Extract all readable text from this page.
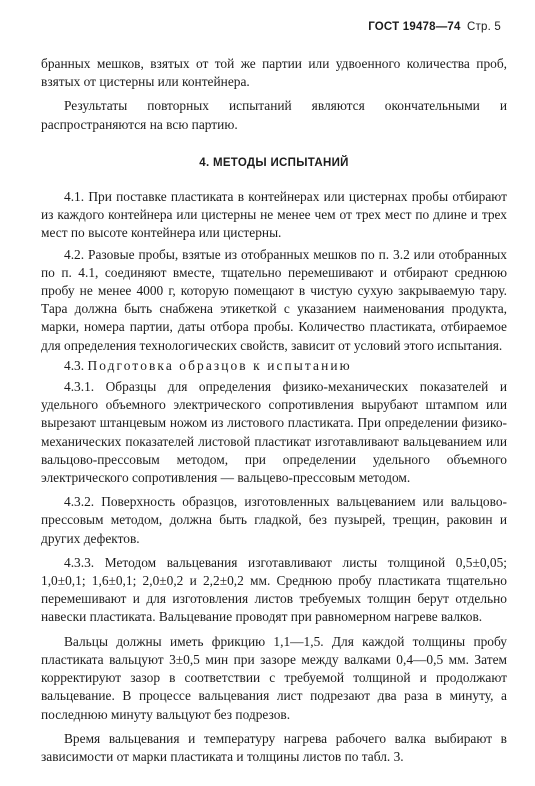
ГОСТ 19478—74 Стр. 5

бранных мешков, взятых от той же партии или удвоенного количества проб, взятых от цистерны или контейнера.

Результаты повторных испытаний являются окончательными и распространяются на всю партию.

4. МЕТОДЫ ИСПЫТАНИЙ

4.1. При поставке пластиката в контейнерах или цистернах пробы отбирают из каждого контейнера или цистерны не менее чем от трех мест по длине и трех мест по высоте контейнера или цистерны.

4.2. Разовые пробы, взятые из отобранных мешков по п. 3.2 или отобранных по п. 4.1, соединяют вместе, тщательно перемешивают и отбирают среднюю пробу не менее 4000 г, которую помещают в чистую сухую закрываемую тару. Тара должна быть снабжена этикеткой с указанием наименования продукта, марки, номера партии, даты отбора пробы. Количество пластиката, отбираемое для определения технологических свойств, зависит от условий этого испытания.

4.3. Подготовка образцов к испытанию

4.3.1. Образцы для определения физико-механических показателей и удельного объемного электрического сопротивления вырубают штампом или вырезают штанцевым ножом из листового пластиката. При определении физико-механических показателей листовой пластикат изготавливают вальцеванием или вальцово-прессовым методом, при определении удельного объемного электрического сопротивления — вальцево-прессовым методом.

4.3.2. Поверхность образцов, изготовленных вальцеванием или вальцово-прессовым методом, должна быть гладкой, без пузырей, трещин, раковин и других дефектов.

4.3.3. Методом вальцевания изготавливают листы толщиной 0,5±0,05; 1,0±0,1; 1,6±0,1; 2,0±0,2 и 2,2±0,2 мм. Среднюю пробу пластиката тщательно перемешивают и для изготовления листов требуемых толщин берут отдельно навески пластиката. Вальцевание проводят при равномерном нагреве валков.

Вальцы должны иметь фрикцию 1,1—1,5. Для каждой толщины пробу пластиката вальцуют 3±0,5 мин при зазоре между валками 0,4—0,5 мм. Затем корректируют зазор в соответствии с требуемой толщиной и продолжают вальцевание. В процессе вальцевания лист подрезают два раза в минуту, а последнюю минуту вальцуют без подрезов.

Время вальцевания и температуру нагрева рабочего валка выбирают в зависимости от марки пластиката и толщины листов по табл. 3.
